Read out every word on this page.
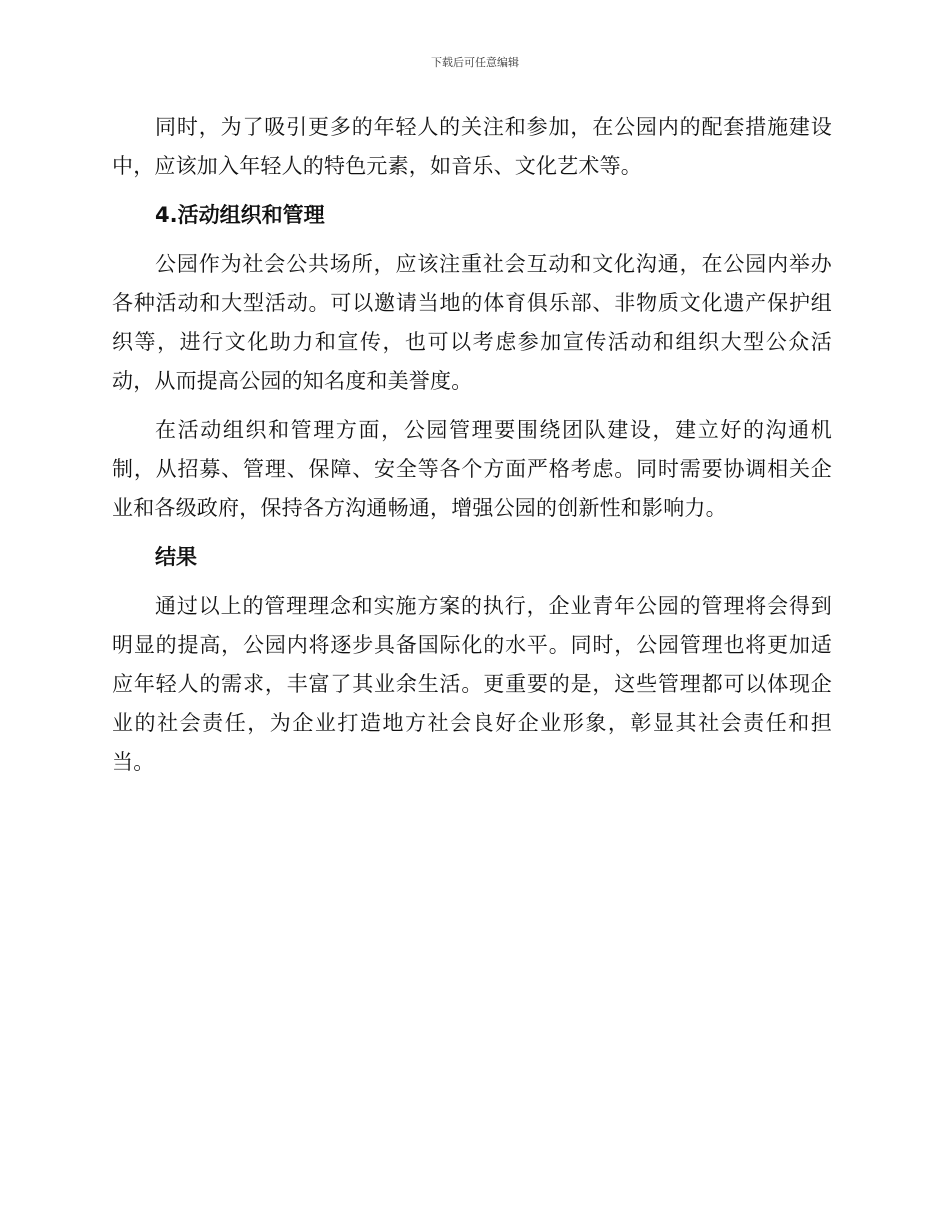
下载后可任意编辑

同时，为了吸引更多的年轻人的关注和参加，在公园内的配套措施建设中，应该加入年轻人的特色元素，如音乐、文化艺术等。

4.活动组织和管理

公园作为社会公共场所，应该注重社会互动和文化沟通，在公园内举办各种活动和大型活动。可以邀请当地的体育俱乐部、非物质文化遗产保护组织等，进行文化助力和宣传，也可以考虑参加宣传活动和组织大型公众活动，从而提高公园的知名度和美誉度。

在活动组织和管理方面，公园管理要围绕团队建设，建立好的沟通机制，从招募、管理、保障、安全等各个方面严格考虑。同时需要协调相关企业和各级政府，保持各方沟通畅通，增强公园的创新性和影响力。

结果

通过以上的管理理念和实施方案的执行，企业青年公园的管理将会得到明显的提高，公园内将逐步具备国际化的水平。同时，公园管理也将更加适应年轻人的需求，丰富了其业余生活。更重要的是，这些管理都可以体现企业的社会责任，为企业打造地方社会良好企业形象，彰显其社会责任和担当。
